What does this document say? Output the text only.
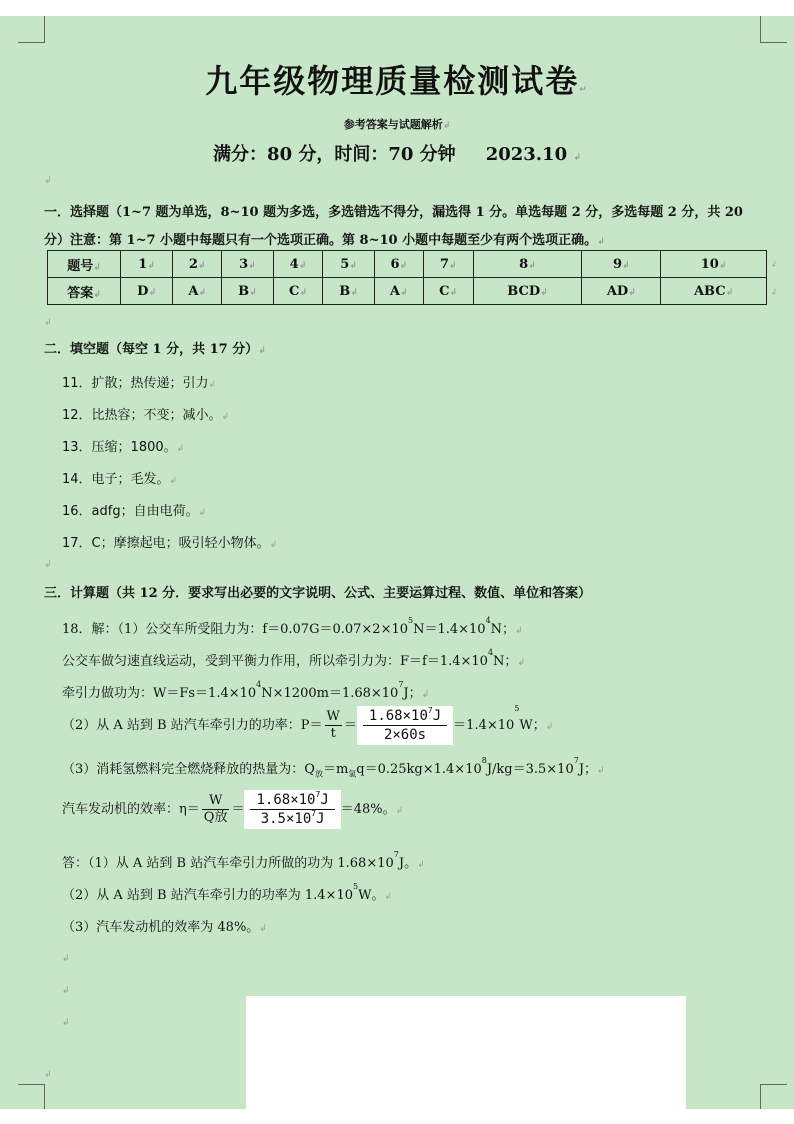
九年级物理质量检测试卷↵
参考答案与试题解析↲
满分：80 分，时间：70 分钟 2023.10 ↲
↲
一．选择题（1~7 题为单选，8~10 题为多选，多选错选不得分，漏选得 1 分。单选每题 2 分，多选每题 2 分，共 20 分）注意：第 1~7 小题中每题只有一个选项正确。第 8~10 小题中每题至少有两个选项正确。↲
题号↲	1↲	2↲	3↲	4↲	5↲	6↲	7↲	8↲	9↲	10↲
答案↲	D↲	A↲	B↲	C↲	B↲	A↲	C↲	BCD↲	AD↲	ABC↲
↲
↲
↲
二．填空题（每空 1 分，共 17 分）↲
11．扩散；热传递；引力↲
12．比热容；不变；减小。↲
13．压缩；1800。↲
14．电子；毛发。↲
16．adfg；自由电荷。↲
17．C；摩擦起电；吸引轻小物体。↲
↲
三．计算题（共 12 分．要求写出必要的文字说明、公式、主要运算过程、数值、单位和答案）
18．解：（1）公交车所受阻力为：$f=0.07G=0.07\times 2\times 10^5N=1.4\times 10^4N$；↲
公交车做匀速直线运动，受到平衡力作用，所以牵引力为：$F=f=1.4\times 10^4N$；↲
牵引力做功为：$W=Fs=1.4\times 10^4N\times 1200m=1.68\times 10^7J$；↲
（2）从 A 站到 B 站汽车牵引力的功率：$P= \frac{W}{t} = \frac{1.68\times 10^7J}{2\times 60s} =1.4\times 10^5W$；↲
（3）消耗氢燃料完全燃烧释放的热量为：$Q_放=m_氢q=0.25kg\times 1.4\times 10^8J/kg=3.5\times 10^7J$；↲
汽车发动机的效率：$\eta= \frac{W}{\text{Q放}} = \frac{1.68\times 10^7J}{3.5\times 10^7J} =48\%$。↲
答：（1）从 A 站到 B 站汽车牵引力所做的功为 $1.68\times 10^7J$。↲
（2）从 A 站到 B 站汽车牵引力的功率为 $1.4\times 10^5W$。↲
（3）汽车发动机的效率为 48%。↲
↲
↲
↲
↲
